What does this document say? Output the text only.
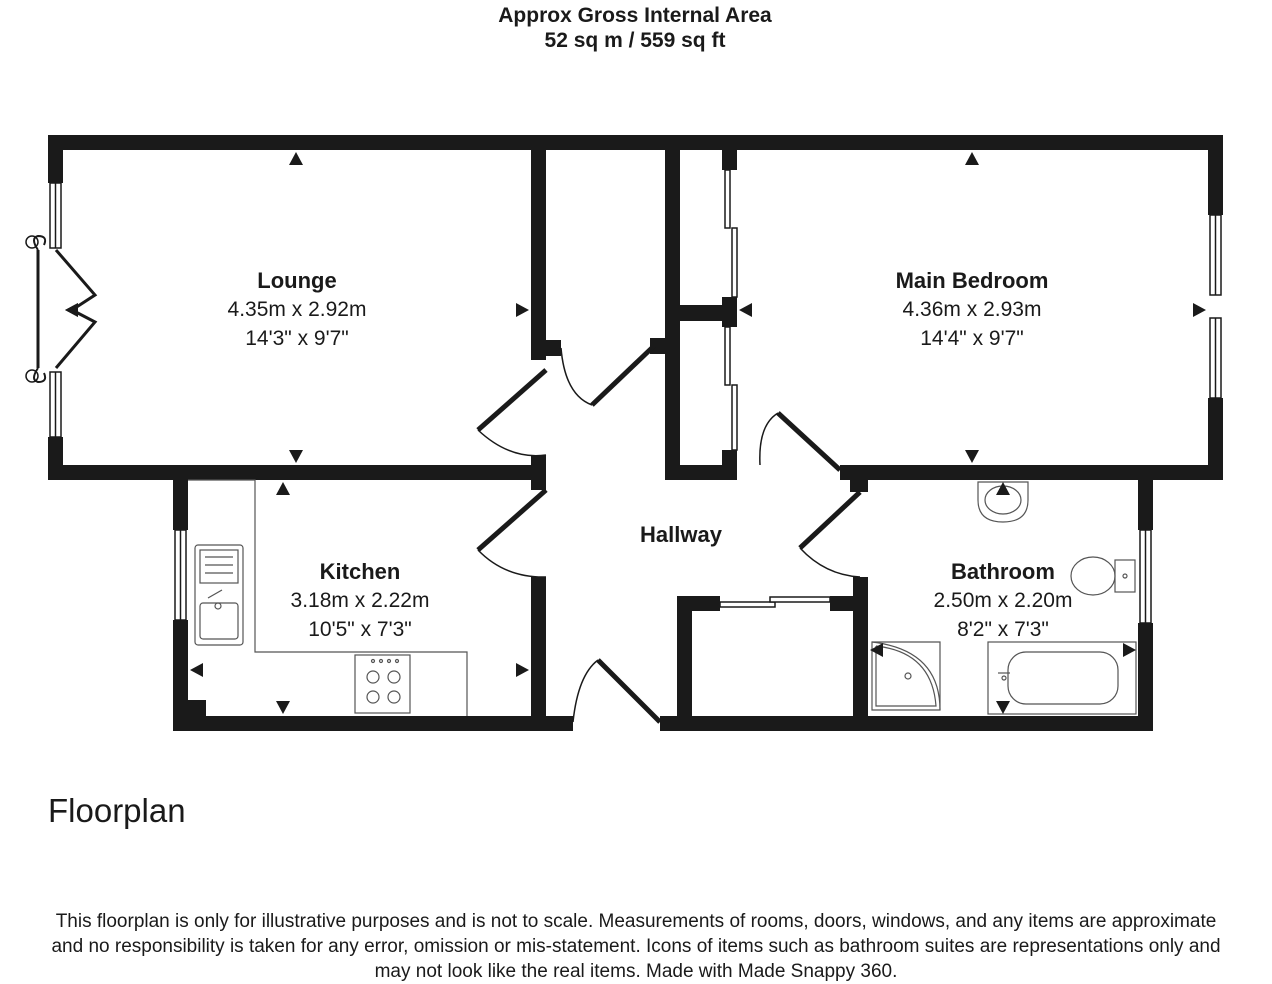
Approx Gross Internal Area
52 sq m / 559 sq ft
Lounge
4.35m x 2.92m
14'3" x 9'7"
Main Bedroom
4.36m x 2.93m
14'4" x 9'7"
Hallway
Kitchen
3.18m x 2.22m
10'5" x 7'3"
Bathroom
2.50m x 2.20m
8'2" x 7'3"
Floorplan
This floorplan is only for illustrative purposes and is not to scale. Measurements of rooms, doors, windows, and any items are approximate
and no responsibility is taken for any error, omission or mis-statement. Icons of items such as bathroom suites are representations only and
may not look like the real items. Made with Made Snappy 360.
